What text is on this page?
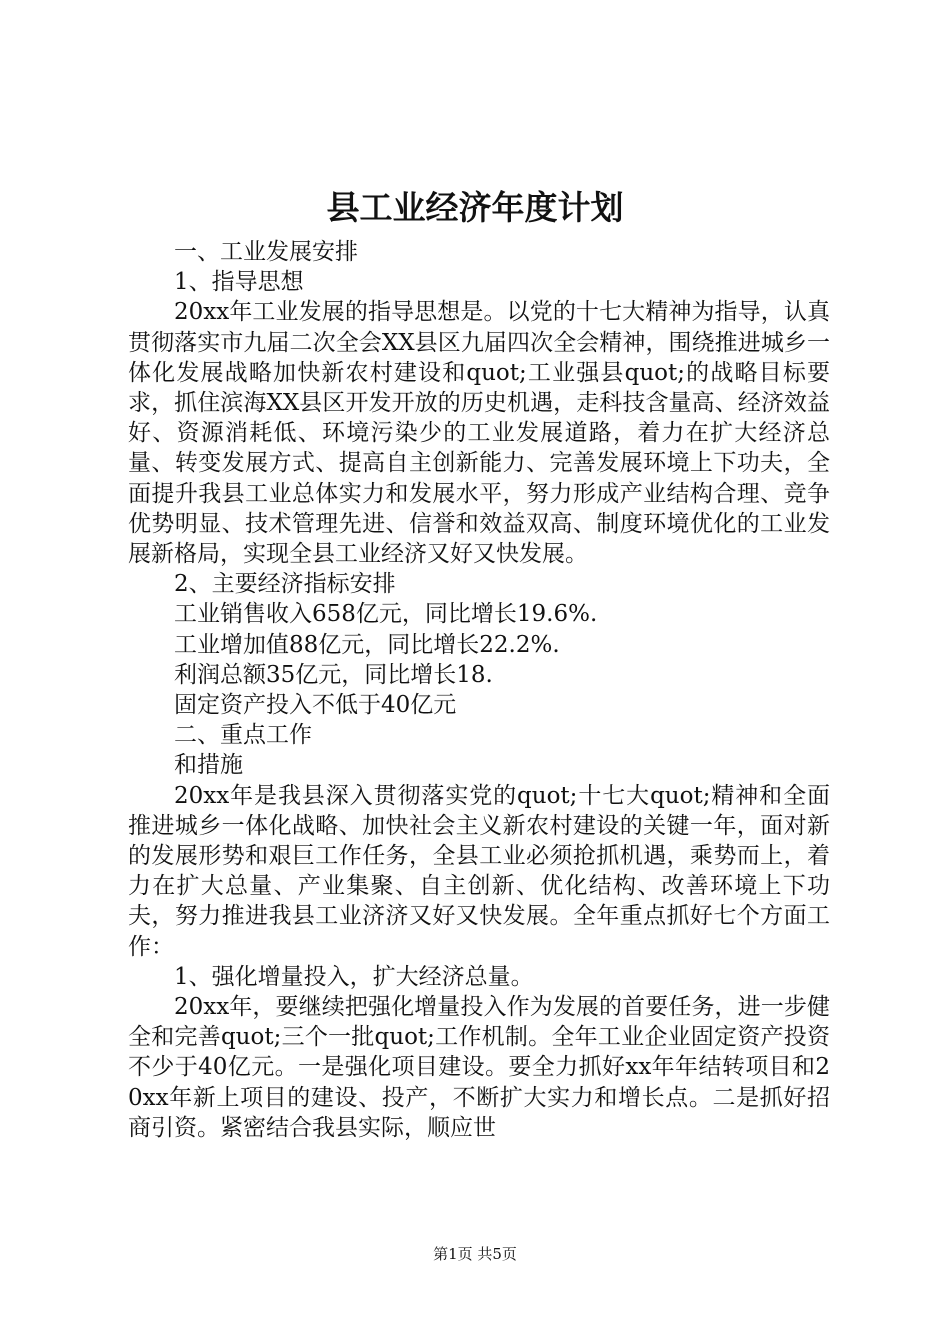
县工业经济年度计划

一、工业发展安排

1、指导思想

20xx年工业发展的指导思想是。以党的十七大精神为指导，认真贯彻落实市九届二次全会XX县区九届四次全会精神，围绕推进城乡一体化发展战略加快新农村建设和quot;工业强县quot;的战略目标要求，抓住滨海XX县区开发开放的历史机遇，走科技含量高、经济效益好、资源消耗低、环境污染少的工业发展道路，着力在扩大经济总量、转变发展方式、提高自主创新能力、完善发展环境上下功夫，全面提升我县工业总体实力和发展水平，努力形成产业结构合理、竞争优势明显、技术管理先进、信誉和效益双高、制度环境优化的工业发展新格局，实现全县工业经济又好又快发展。

2、主要经济指标安排

工业销售收入658亿元，同比增长19.6%.

工业增加值88亿元，同比增长22.2%.

利润总额35亿元，同比增长18.

固定资产投入不低于40亿元

二、重点工作

和措施

20xx年是我县深入贯彻落实党的quot;十七大quot;精神和全面推进城乡一体化战略、加快社会主义新农村建设的关键一年，面对新的发展形势和艰巨工作任务，全县工业必须抢抓机遇，乘势而上，着力在扩大总量、产业集聚、自主创新、优化结构、改善环境上下功夫，努力推进我县工业济济又好又快发展。全年重点抓好七个方面工作：

1、强化增量投入，扩大经济总量。

20xx年，要继续把强化增量投入作为发展的首要任务，进一步健全和完善quot;三个一批quot;工作机制。全年工业企业固定资产投资不少于40亿元。一是强化项目建设。要全力抓好xx年年结转项目和20xx年新上项目的建设、投产，不断扩大实力和增长点。二是抓好招商引资。紧密结合我县实际，顺应世

第1页 共5页
